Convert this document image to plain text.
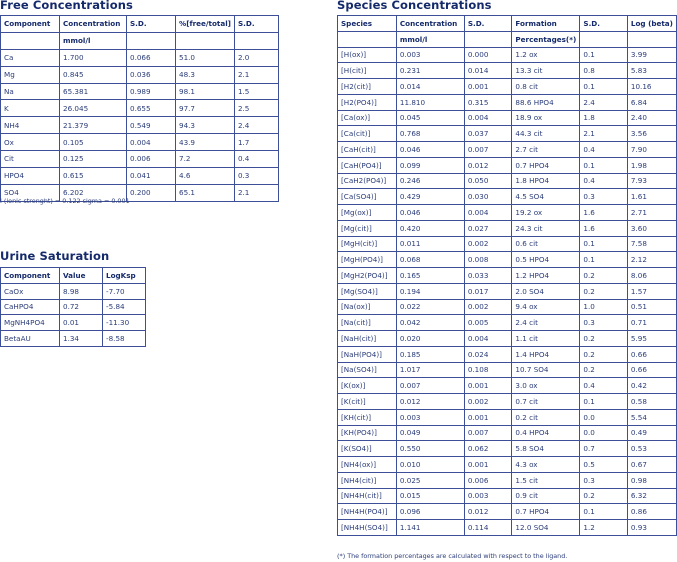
Free Concentrations
Component	Concentration	S.D.	%[free/total]	S.D.
	mmol/l			
Ca	1.700	0.066	51.0	2.0
Mg	0.845	0.036	48.3	2.1
Na	65.381	0.989	98.1	1.5
K	26.045	0.655	97.7	2.5
NH4	21.379	0.549	94.3	2.4
Ox	0.105	0.004	43.9	1.7
Cit	0.125	0.006	7.2	0.4
HPO4	0.615	0.041	4.6	0.3
SO4	6.202	0.200	65.1	2.1
I (ionic strenght) = 0.122 sigma = 0.001
Urine Saturation
Component	Value	LogKsp
CaOx	8.98	-7.70
CaHPO4	0.72	-5.84
MgNH4PO4	0.01	-11.30
BetaAU	1.34	-8.58
Species Concentrations
Species	Concentration	S.D.	Formation	S.D.	Log (beta)
	mmol/l		Percentages(*)		
[H(ox)]	0.003	0.000	1.2 ox	0.1	3.99
[H(cit)]	0.231	0.014	13.3 cit	0.8	5.83
[H2(cit)]	0.014	0.001	0.8 cit	0.1	10.16
[H2(PO4)]	11.810	0.315	88.6 HPO4	2.4	6.84
[Ca(ox)]	0.045	0.004	18.9 ox	1.8	2.40
[Ca(cit)]	0.768	0.037	44.3 cit	2.1	3.56
[CaH(cit)]	0.046	0.007	2.7 cit	0.4	7.90
[CaH(PO4)]	0.099	0.012	0.7 HPO4	0.1	1.98
[CaH2(PO4)]	0.246	0.050	1.8 HPO4	0.4	7.93
[Ca(SO4)]	0.429	0.030	4.5 SO4	0.3	1.61
[Mg(ox)]	0.046	0.004	19.2 ox	1.6	2.71
[Mg(cit)]	0.420	0.027	24.3 cit	1.6	3.60
[MgH(cit)]	0.011	0.002	0.6 cit	0.1	7.58
[MgH(PO4)]	0.068	0.008	0.5 HPO4	0.1	2.12
[MgH2(PO4)]	0.165	0.033	1.2 HPO4	0.2	8.06
[Mg(SO4)]	0.194	0.017	2.0 SO4	0.2	1.57
[Na(ox)]	0.022	0.002	9.4 ox	1.0	0.51
[Na(cit)]	0.042	0.005	2.4 cit	0.3	0.71
[NaH(cit)]	0.020	0.004	1.1 cit	0.2	5.95
[NaH(PO4)]	0.185	0.024	1.4 HPO4	0.2	0.66
[Na(SO4)]	1.017	0.108	10.7 SO4	0.2	0.66
[K(ox)]	0.007	0.001	3.0 ox	0.4	0.42
[K(cit)]	0.012	0.002	0.7 cit	0.1	0.58
[KH(cit)]	0.003	0.001	0.2 cit	0.0	5.54
[KH(PO4)]	0.049	0.007	0.4 HPO4	0.0	0.49
[K(SO4)]	0.550	0.062	5.8 SO4	0.7	0.53
[NH4(ox)]	0.010	0.001	4.3 ox	0.5	0.67
[NH4(cit)]	0.025	0.006	1.5 cit	0.3	0.98
[NH4H(cit)]	0.015	0.003	0.9 cit	0.2	6.32
[NH4H(PO4)]	0.096	0.012	0.7 HPO4	0.1	0.86
[NH4H(SO4)]	1.141	0.114	12.0 SO4	1.2	0.93
(*) The formation percentages are calculated with respect to the ligand.
